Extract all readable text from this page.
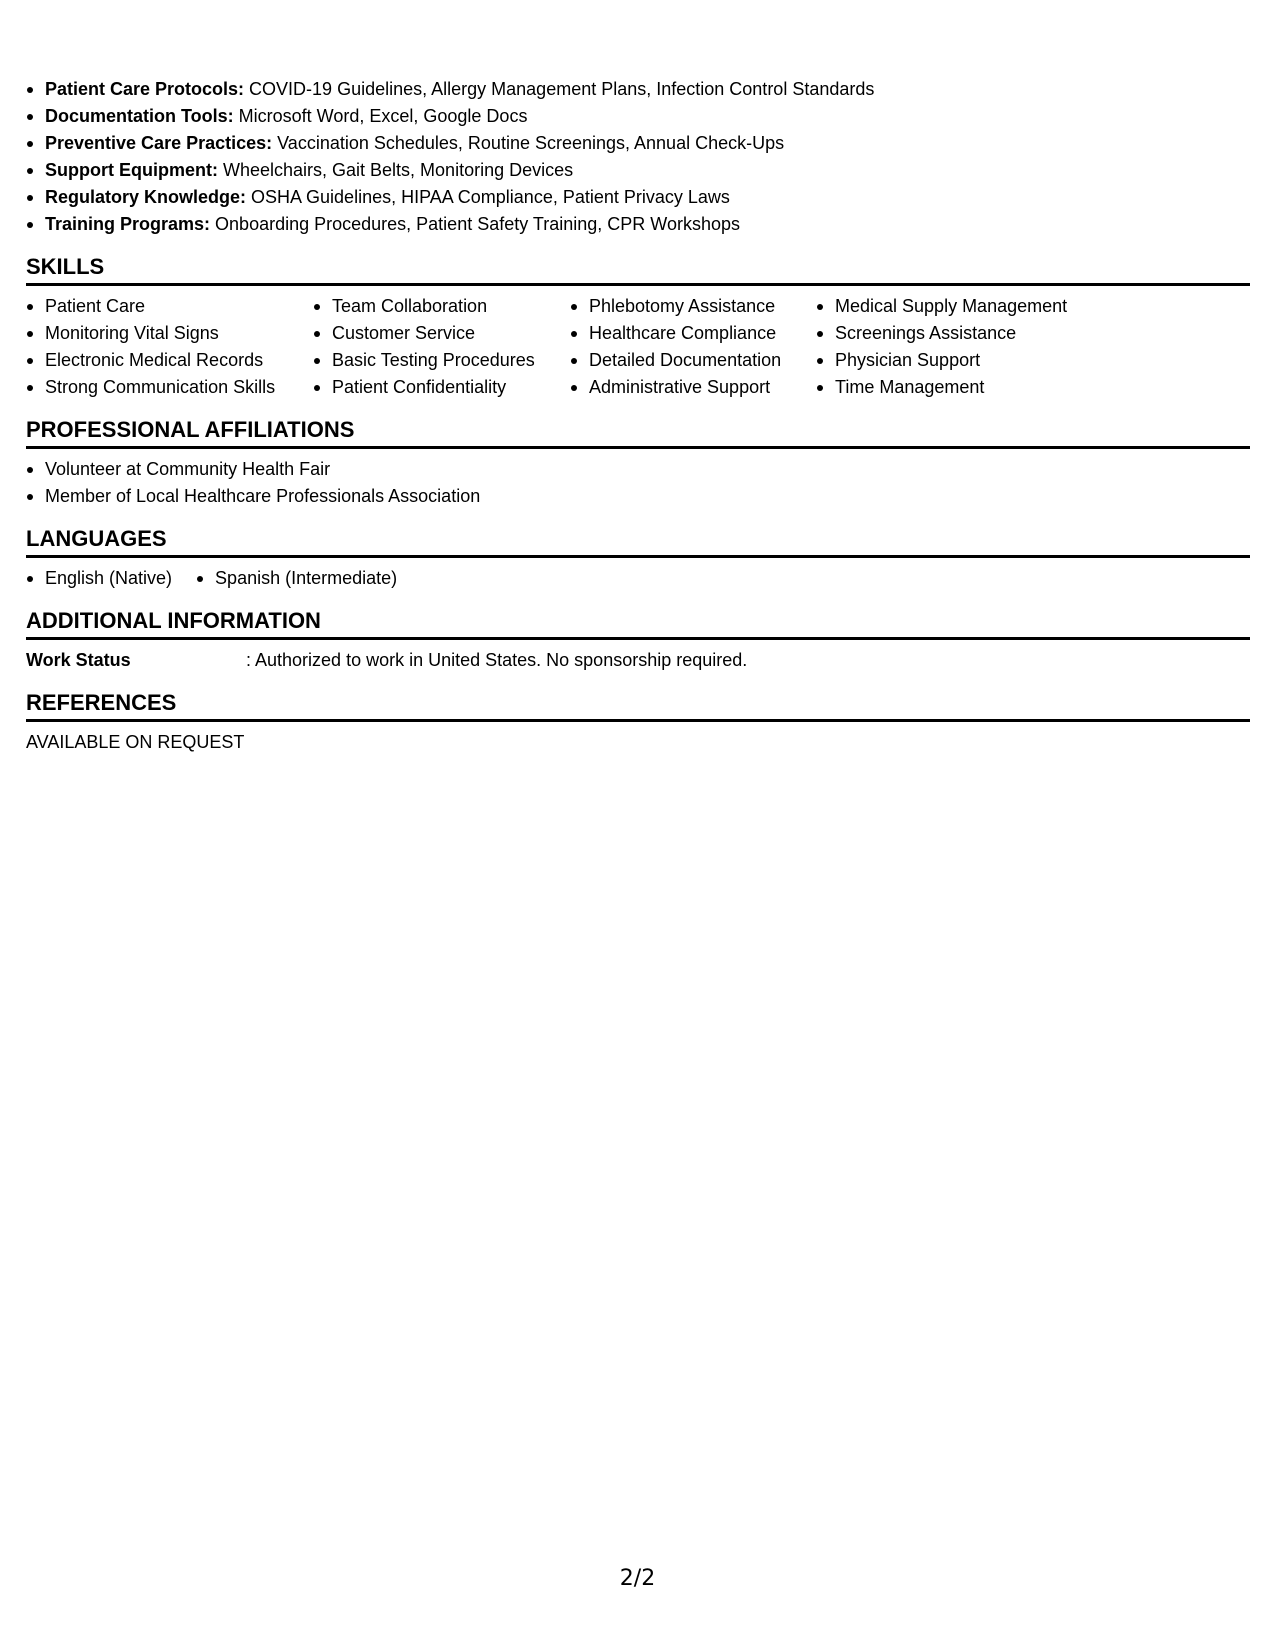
Patient Care Protocols: COVID-19 Guidelines, Allergy Management Plans, Infection Control Standards
Documentation Tools: Microsoft Word, Excel, Google Docs
Preventive Care Practices: Vaccination Schedules, Routine Screenings, Annual Check-Ups
Support Equipment: Wheelchairs, Gait Belts, Monitoring Devices
Regulatory Knowledge: OSHA Guidelines, HIPAA Compliance, Patient Privacy Laws
Training Programs: Onboarding Procedures, Patient Safety Training, CPR Workshops
SKILLS
Patient Care
Monitoring Vital Signs
Electronic Medical Records
Strong Communication Skills
Team Collaboration
Customer Service
Basic Testing Procedures
Patient Confidentiality
Phlebotomy Assistance
Healthcare Compliance
Detailed Documentation
Administrative Support
Medical Supply Management
Screenings Assistance
Physician Support
Time Management
PROFESSIONAL AFFILIATIONS
Volunteer at Community Health Fair
Member of Local Healthcare Professionals Association
LANGUAGES
English (Native)	Spanish (Intermediate)
ADDITIONAL INFORMATION
Work Status	: Authorized to work in United States. No sponsorship required.
REFERENCES
AVAILABLE ON REQUEST
2/2
